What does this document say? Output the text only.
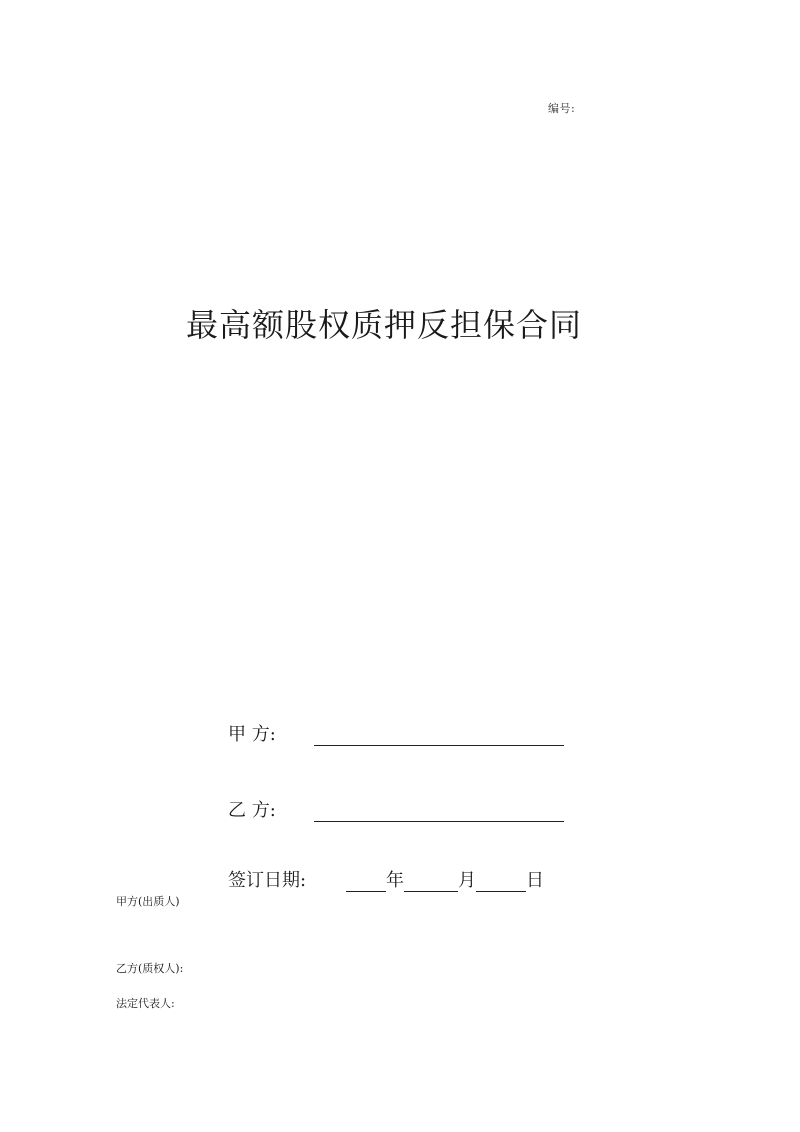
编号:
最高额股权质押反担保合同
甲 方:
乙 方:
签订日期:	年	月	日
甲方(出质人)
乙方(质权人):
法定代表人:
